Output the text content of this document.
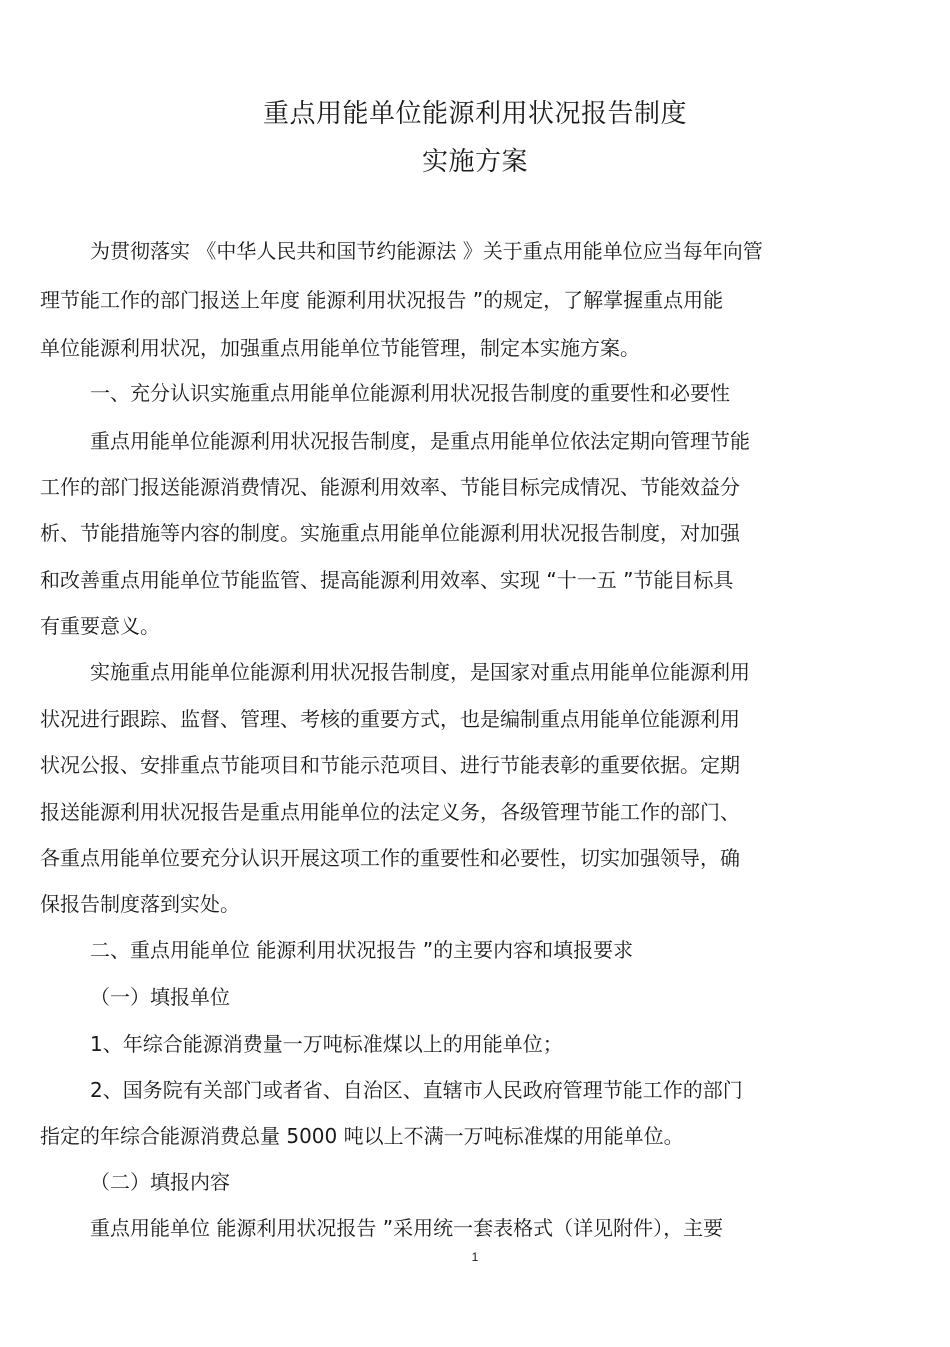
重点用能单位能源利用状况报告制度
实施方案
为贯彻落实 《中华人民共和国节约能源法 》关于重点用能单位应当每年向管
理节能工作的部门报送上年度 能源利用状况报告 ”的规定，了解掌握重点用能
单位能源利用状况，加强重点用能单位节能管理，制定本实施方案。
一、充分认识实施重点用能单位能源利用状况报告制度的重要性和必要性
重点用能单位能源利用状况报告制度，是重点用能单位依法定期向管理节能
工作的部门报送能源消费情况、能源利用效率、节能目标完成情况、节能效益分
析、节能措施等内容的制度。实施重点用能单位能源利用状况报告制度，对加强
和改善重点用能单位节能监管、提高能源利用效率、实现 “十一五 ”节能目标具
有重要意义。
实施重点用能单位能源利用状况报告制度，是国家对重点用能单位能源利用
状况进行跟踪、监督、管理、考核的重要方式，也是编制重点用能单位能源利用
状况公报、安排重点节能项目和节能示范项目、进行节能表彰的重要依据。定期
报送能源利用状况报告是重点用能单位的法定义务，各级管理节能工作的部门、
各重点用能单位要充分认识开展这项工作的重要性和必要性，切实加强领导，确
保报告制度落到实处。
二、重点用能单位 能源利用状况报告 ”的主要内容和填报要求
（一）填报单位
1、年综合能源消费量一万吨标准煤以上的用能单位；
2、国务院有关部门或者省、自治区、直辖市人民政府管理节能工作的部门
指定的年综合能源消费总量 5000 吨以上不满一万吨标准煤的用能单位。
（二）填报内容
重点用能单位 能源利用状况报告 ”采用统一套表格式（详见附件），主要
1
